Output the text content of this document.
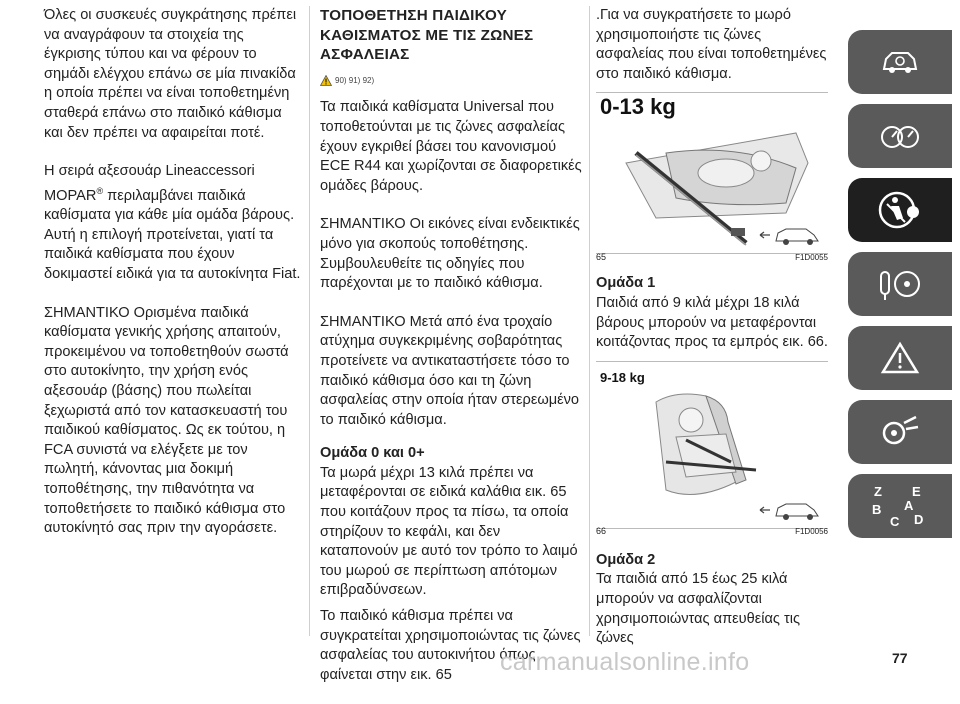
Όλες οι συσκευές συγκράτησης πρέπει να αναγράφουν τα στοιχεία της έγκρισης τύπου και να φέρουν το σημάδι ελέγχου επάνω σε μία πινακίδα η οποία πρέπει να είναι τοποθετημένη σταθερά επάνω στο παιδικό κάθισμα και δεν πρέπει να αφαιρείται ποτέ.

Η σειρά αξεσουάρ Lineaccessori MOPAR® περιλαμβάνει παιδικά καθίσματα για κάθε μία ομάδα βάρους. Αυτή η επιλογή προτείνεται, γιατί τα παιδικά καθίσματα που έχουν δοκιμαστεί ειδικά για τα αυτοκίνητα Fiat.

ΣΗΜΑΝΤΙΚΟ Ορισμένα παιδικά καθίσματα γενικής χρήσης απαιτούν, προκειμένου να τοποθετηθούν σωστά στο αυτοκίνητο, την χρήση ενός αξεσουάρ (βάσης) που πωλείται ξεχωριστά από τον κατασκευαστή του παιδικού καθίσματος. Ως εκ τούτου, η FCA συνιστά να ελέγξετε με τον πωλητή, κάνοντας μια δοκιμή τοποθέτησης, την πιθανότητα να τοποθετήσετε το παιδικό κάθισμα στο αυτοκίνητό σας πριν την αγοράσετε.

ΤΟΠΟΘΕΤΗΣΗ ΠΑΙΔΙΚΟΥ ΚΑΘΙΣΜΑΤΟΣ ΜΕ ΤΙΣ ΖΩΝΕΣ ΑΣΦΑΛΕΙΑΣ
90) 91) 92)

Τα παιδικά καθίσματα Universal που τοποθετούνται με τις ζώνες ασφαλείας έχουν εγκριθεί βάσει του κανονισμού ECE R44 και χωρίζονται σε διαφορετικές ομάδες βάρους.

ΣΗΜΑΝΤΙΚΟ Οι εικόνες είναι ενδεικτικές μόνο για σκοπούς τοποθέτησης. Συμβουλευθείτε τις οδηγίες που παρέχονται με το παιδικό κάθισμα.

ΣΗΜΑΝΤΙΚΟ Μετά από ένα τροχαίο ατύχημα συγκεκριμένης σοβαρότητας προτείνετε να αντικαταστήσετε τόσο το παιδικό κάθισμα όσο και τη ζώνη ασφαλείας στην οποία ήταν στερεωμένο το παιδικό κάθισμα.

Ομάδα 0 και 0+

Τα μωρά μέχρι 13 κιλά πρέπει να μεταφέρονται σε ειδικά καλάθια εικ. 65 που κοιτάζουν προς τα πίσω, τα οποία στηρίζουν το κεφάλι, και δεν καταπονούν με αυτό τον τρόπο το λαιμό του μωρού σε περίπτωση απότομων επιβραδύνσεων.

Το παιδικό κάθισμα πρέπει να συγκρατείται χρησιμοποιώντας τις ζώνες ασφαλείας του αυτοκινήτου όπως φαίνεται στην εικ. 65

.Για να συγκρατήσετε το μωρό χρησιμοποιήστε τις ζώνες ασφαλείας που είναι τοποθετημένες στο παιδικό κάθισμα.

0-13 kg
65	F1D0055
Ομάδα 1

Παιδιά από 9 κιλά μέχρι 18 κιλά βάρους μπορούν να μεταφέρονται κοιτάζοντας προς τα εμπρός εικ. 66.

9-18 kg
66	F1D0056
Ομάδα 2

Τα παιδιά από 15 έως 25 κιλά μπορούν να ασφαλίζονται χρησιμοποιώντας απευθείας τις ζώνες

Z E
B
C D
A
carmanualsonline.info	77
